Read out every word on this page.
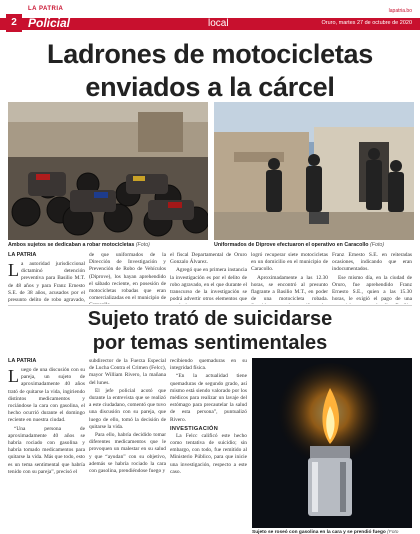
2
LA PATRIA
Policial	local
lapatria.bo
Oruro, martes 27 de octubre de 2020
Ladrones de motocicletas
enviados a la cárcel
Ambos sujetos se dedicaban a robar motocicletas (Foto)	Uniformados de Diprove efectuaron el operativo en Caracollo (Foto)
LA PATRIA

La autoridad jurisdiccional dictaminó detención preventiva para Basilio M.T. de 48 años y para Franz Ernesto S.E. de 38 años, acusados por el presunto delito de robo agravado,

de que uniformados de la Dirección de Investigación y Prevención de Robo de Vehículos (Diprove), los hayan aprehendido el sábado reciente, en posesión de motocicletas robadas que eran comercializadas en el municipio de

el fiscal Departamental de Oruro Gonzalo Álvarez.

Agregó que en primera instancia la investigación es por el delito de robo agravado, en el que durante el transcurso de la investigación se podrá advertir otros elementos que

logró recuperar siete motocicletas en un domicilio en el municipio de Caracollo.

Aproximadamente a las 12.30 horas, se encontró al presunto flagrante a Basilio M.T., en poder de una motocicleta robada.

Franz Ernesto S.E. en reiteradas ocasiones, indicando que eran indocumentados.

Ese mismo día, en la ciudad de Oruro, fue aprehendido Franz Ernesto S.E., quien a las 15.30 horas, le exigió el pago de una

Sujeto trató de suicidarse
por temas sentimentales
LA PATRIA

Luego de una discusión con su pareja, un sujeto de aproximadamente 40 años trató de quitarse la vida, ingiriendo distintos medicamentos y rociándose la cara con gasolina, el hecho ocurrió durante el domingo reciente en nuestra ciudad.

“Una persona de aproximadamente 40 años se habría rociado con gasolina y habría tomado medicamentos para quitarse la vida. Más que todo, esto es un tema sentimental que habría tenido con su pareja”, precisó el

subdirector de la Fuerza Especial de Lucha Contra el Crimen (Felcc), mayor William Rivero, la mañana del lunes.

El jefe policial acotó que durante la entrevista que se realizó a este ciudadano, comentó que tuvo una discusión con su pareja, que luego de ello, tomó la decisión de quitarse la vida.

Para ello, habría decidido tomar diferentes medicamentos que le provoquen un malestar en su salud y que “ayudan” con su objetivo, además se habría rociado la cara con gasolina, prendiéndose fuego y

recibiendo quemaduras en su integridad física.

“En la actualidad tiene quemaduras de segundo grado, así mismo está siendo valorado por los médicos para realizar un lavaje del estómago para precautelar la salud de esta persona”, puntualizó Rivero.

INVESTIGACIÓN

La Felcc calificó este hecho como tentativa de suicidio; sin embargo, con todo, fue remitido al Ministerio Público, para que inicie una investigación, respecto a este caso.

Sujeto se roseó con gasolina en la cara y se prendió fuego (Foto
